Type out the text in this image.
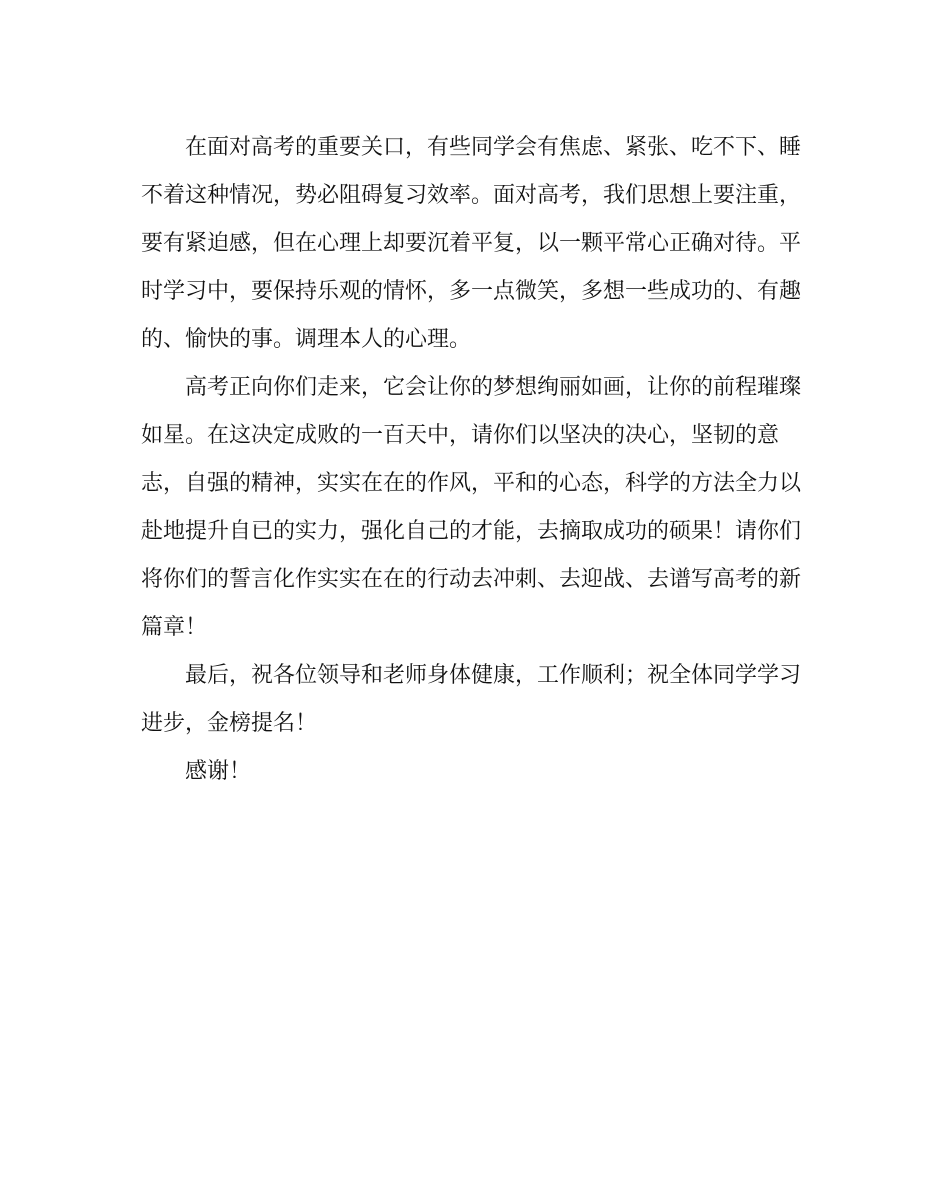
在面对高考的重要关口，有些同学会有焦虑、紧张、吃不下、睡
不着这种情况，势必阻碍复习效率。面对高考，我们思想上要注重，
要有紧迫感，但在心理上却要沉着平复，以一颗平常心正确对待。平
时学习中，要保持乐观的情怀，多一点微笑，多想一些成功的、有趣
的、愉快的事。调理本人的心理。
高考正向你们走来，它会让你的梦想绚丽如画，让你的前程璀璨
如星。在这决定成败的一百天中，请你们以坚决的决心，坚韧的意
志，自强的精神，实实在在的作风，平和的心态，科学的方法全力以
赴地提升自已的实力，强化自己的才能，去摘取成功的硕果！请你们
将你们的誓言化作实实在在的行动去冲刺、去迎战、去谱写高考的新
篇章！
最后，祝各位领导和老师身体健康，工作顺利；祝全体同学学习
进步，金榜提名！
感谢！
